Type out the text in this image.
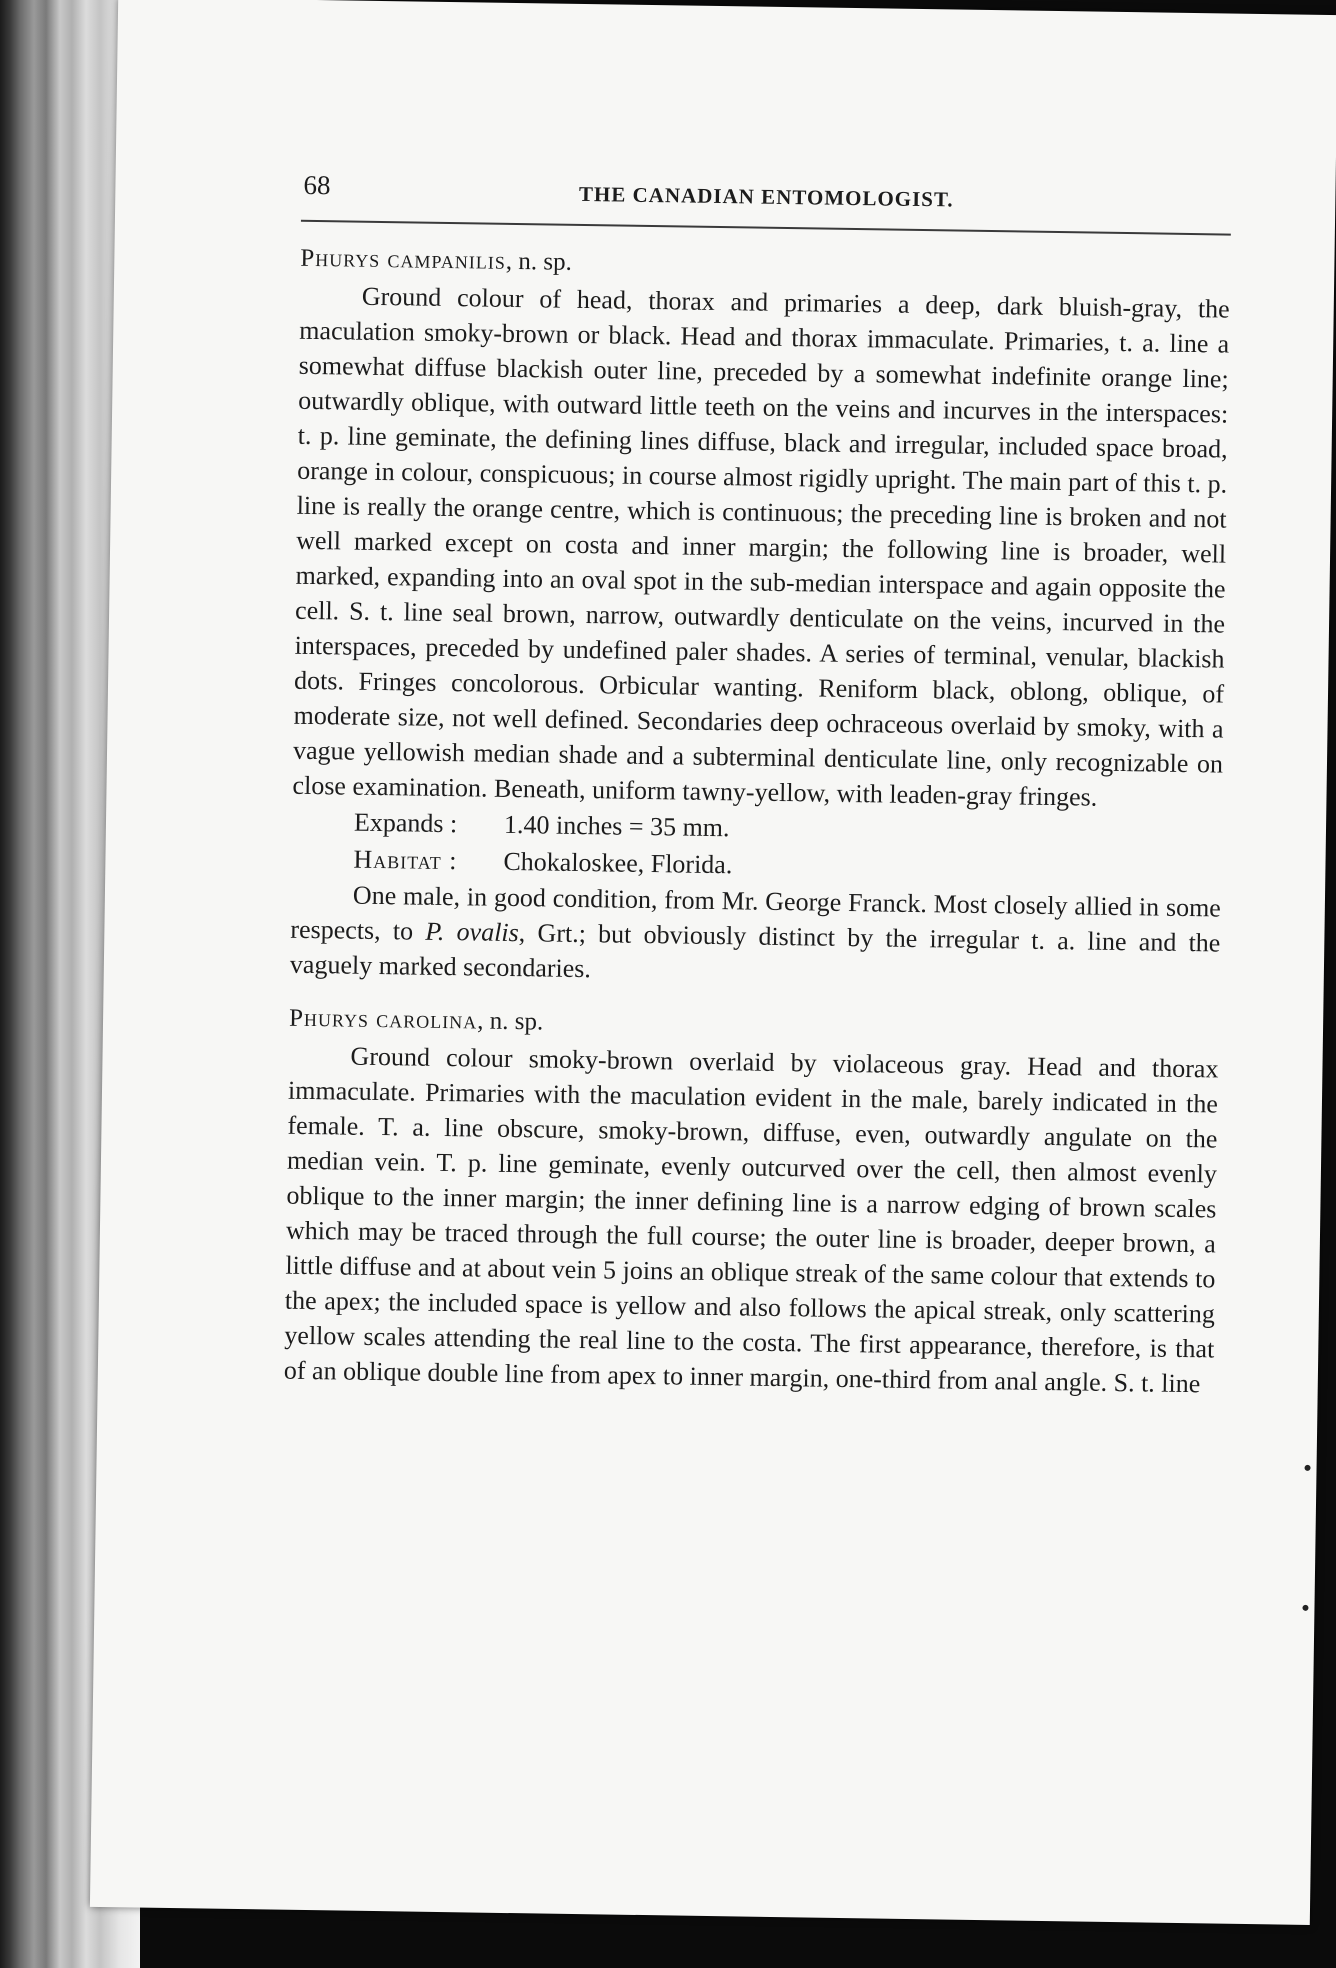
68	THE CANADIAN ENTOMOLOGIST.
Phurys campanilis, n. sp.

Ground colour of head, thorax and primaries a deep, dark bluish-gray, the maculation smoky-brown or black. Head and thorax immaculate. Primaries, t. a. line a somewhat diffuse blackish outer line, preceded by a somewhat indefinite orange line; outwardly oblique, with outward little teeth on the veins and incurves in the interspaces: t. p. line geminate, the defining lines diffuse, black and irregular, included space broad, orange in colour, conspicuous; in course almost rigidly upright. The main part of this t. p. line is really the orange centre, which is continuous; the preceding line is broken and not well marked except on costa and inner margin; the following line is broader, well marked, expanding into an oval spot in the sub-median interspace and again opposite the cell. S. t. line seal brown, narrow, outwardly denticulate on the veins, incurved in the interspaces, preceded by undefined paler shades. A series of terminal, venular, blackish dots. Fringes concolorous. Orbicular wanting. Reniform black, oblong, oblique, of moderate size, not well defined. Secondaries deep ochraceous overlaid by smoky, with a vague yellowish median shade and a subterminal denticulate line, only recognizable on close examination. Beneath, uniform tawny-yellow, with leaden-gray fringes.

Expands : 1.40 inches = 35 mm.
Habitat : Chokaloskee, Florida.

One male, in good condition, from Mr. George Franck. Most closely allied in some respects, to P. ovalis, Grt.; but obviously distinct by the irregular t. a. line and the vaguely marked secondaries.

Phurys carolina, n. sp.

Ground colour smoky-brown overlaid by violaceous gray. Head and thorax immaculate. Primaries with the maculation evident in the male, barely indicated in the female. T. a. line obscure, smoky-brown, diffuse, even, outwardly angulate on the median vein. T. p. line geminate, evenly outcurved over the cell, then almost evenly oblique to the inner margin; the inner defining line is a narrow edging of brown scales which may be traced through the full course; the outer line is broader, deeper brown, a little diffuse and at about vein 5 joins an oblique streak of the same colour that extends to the apex; the included space is yellow and also follows the apical streak, only scattering yellow scales attending the real line to the costa. The first appearance, therefore, is that of an oblique double line from apex to inner margin, one-third from anal angle. S. t. line
